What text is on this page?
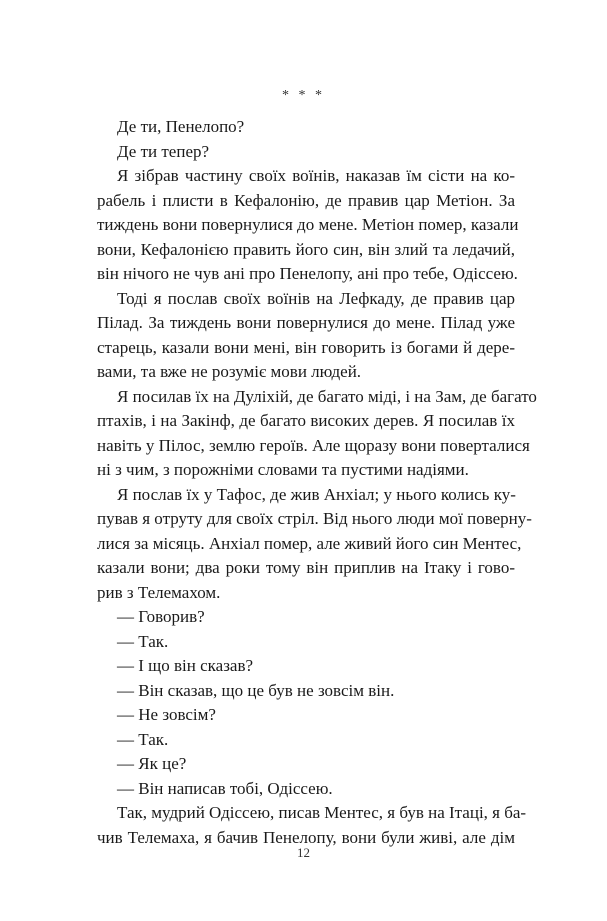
* * *

Де ти, Пенелопо?

Де ти тепер?

Я зібрав частину своїх воїнів, наказав їм сісти на ко-
рабель і плисти в Кефалонію, де правив цар Метіон. За
тиждень вони повернулися до мене. Метіон помер, казали
вони, Кефалонією править його син, він злий та ледачий,
він нічого не чув ані про Пенелопу, ані про тебе, Одіссею.

Тоді я послав своїх воїнів на Лефкаду, де правив цар
Пілад. За тиждень вони повернулися до мене. Пілад уже
старець, казали вони мені, він говорить із богами й дере-
вами, та вже не розуміє мови людей.

Я посилав їх на Дуліхій, де багато міді, і на Зам, де багато
птахів, і на Закінф, де багато високих дерев. Я посилав їх
навіть у Пілос, землю героїв. Але щоразу вони поверталися
ні з чим, з порожніми словами та пустими надіями.

Я послав їх у Тафос, де жив Анхіал; у нього колись ку-
пував я отруту для своїх стріл. Від нього люди мої поверну-
лися за місяць. Анхіал помер, але живий його син Ментес,
казали вони; два роки тому він приплив на Ітаку і гово-
рив з Телемахом.

— Говорив?

— Так.

— І що він сказав?

— Він сказав, що це був не зовсім він.

— Не зовсім?

— Так.

— Як це?

— Він написав тобі, Одіссею.

Так, мудрий Одіссею, писав Ментес, я був на Ітаці, я ба-
чив Телемаха, я бачив Пенелопу, вони були живі, але дім

12
